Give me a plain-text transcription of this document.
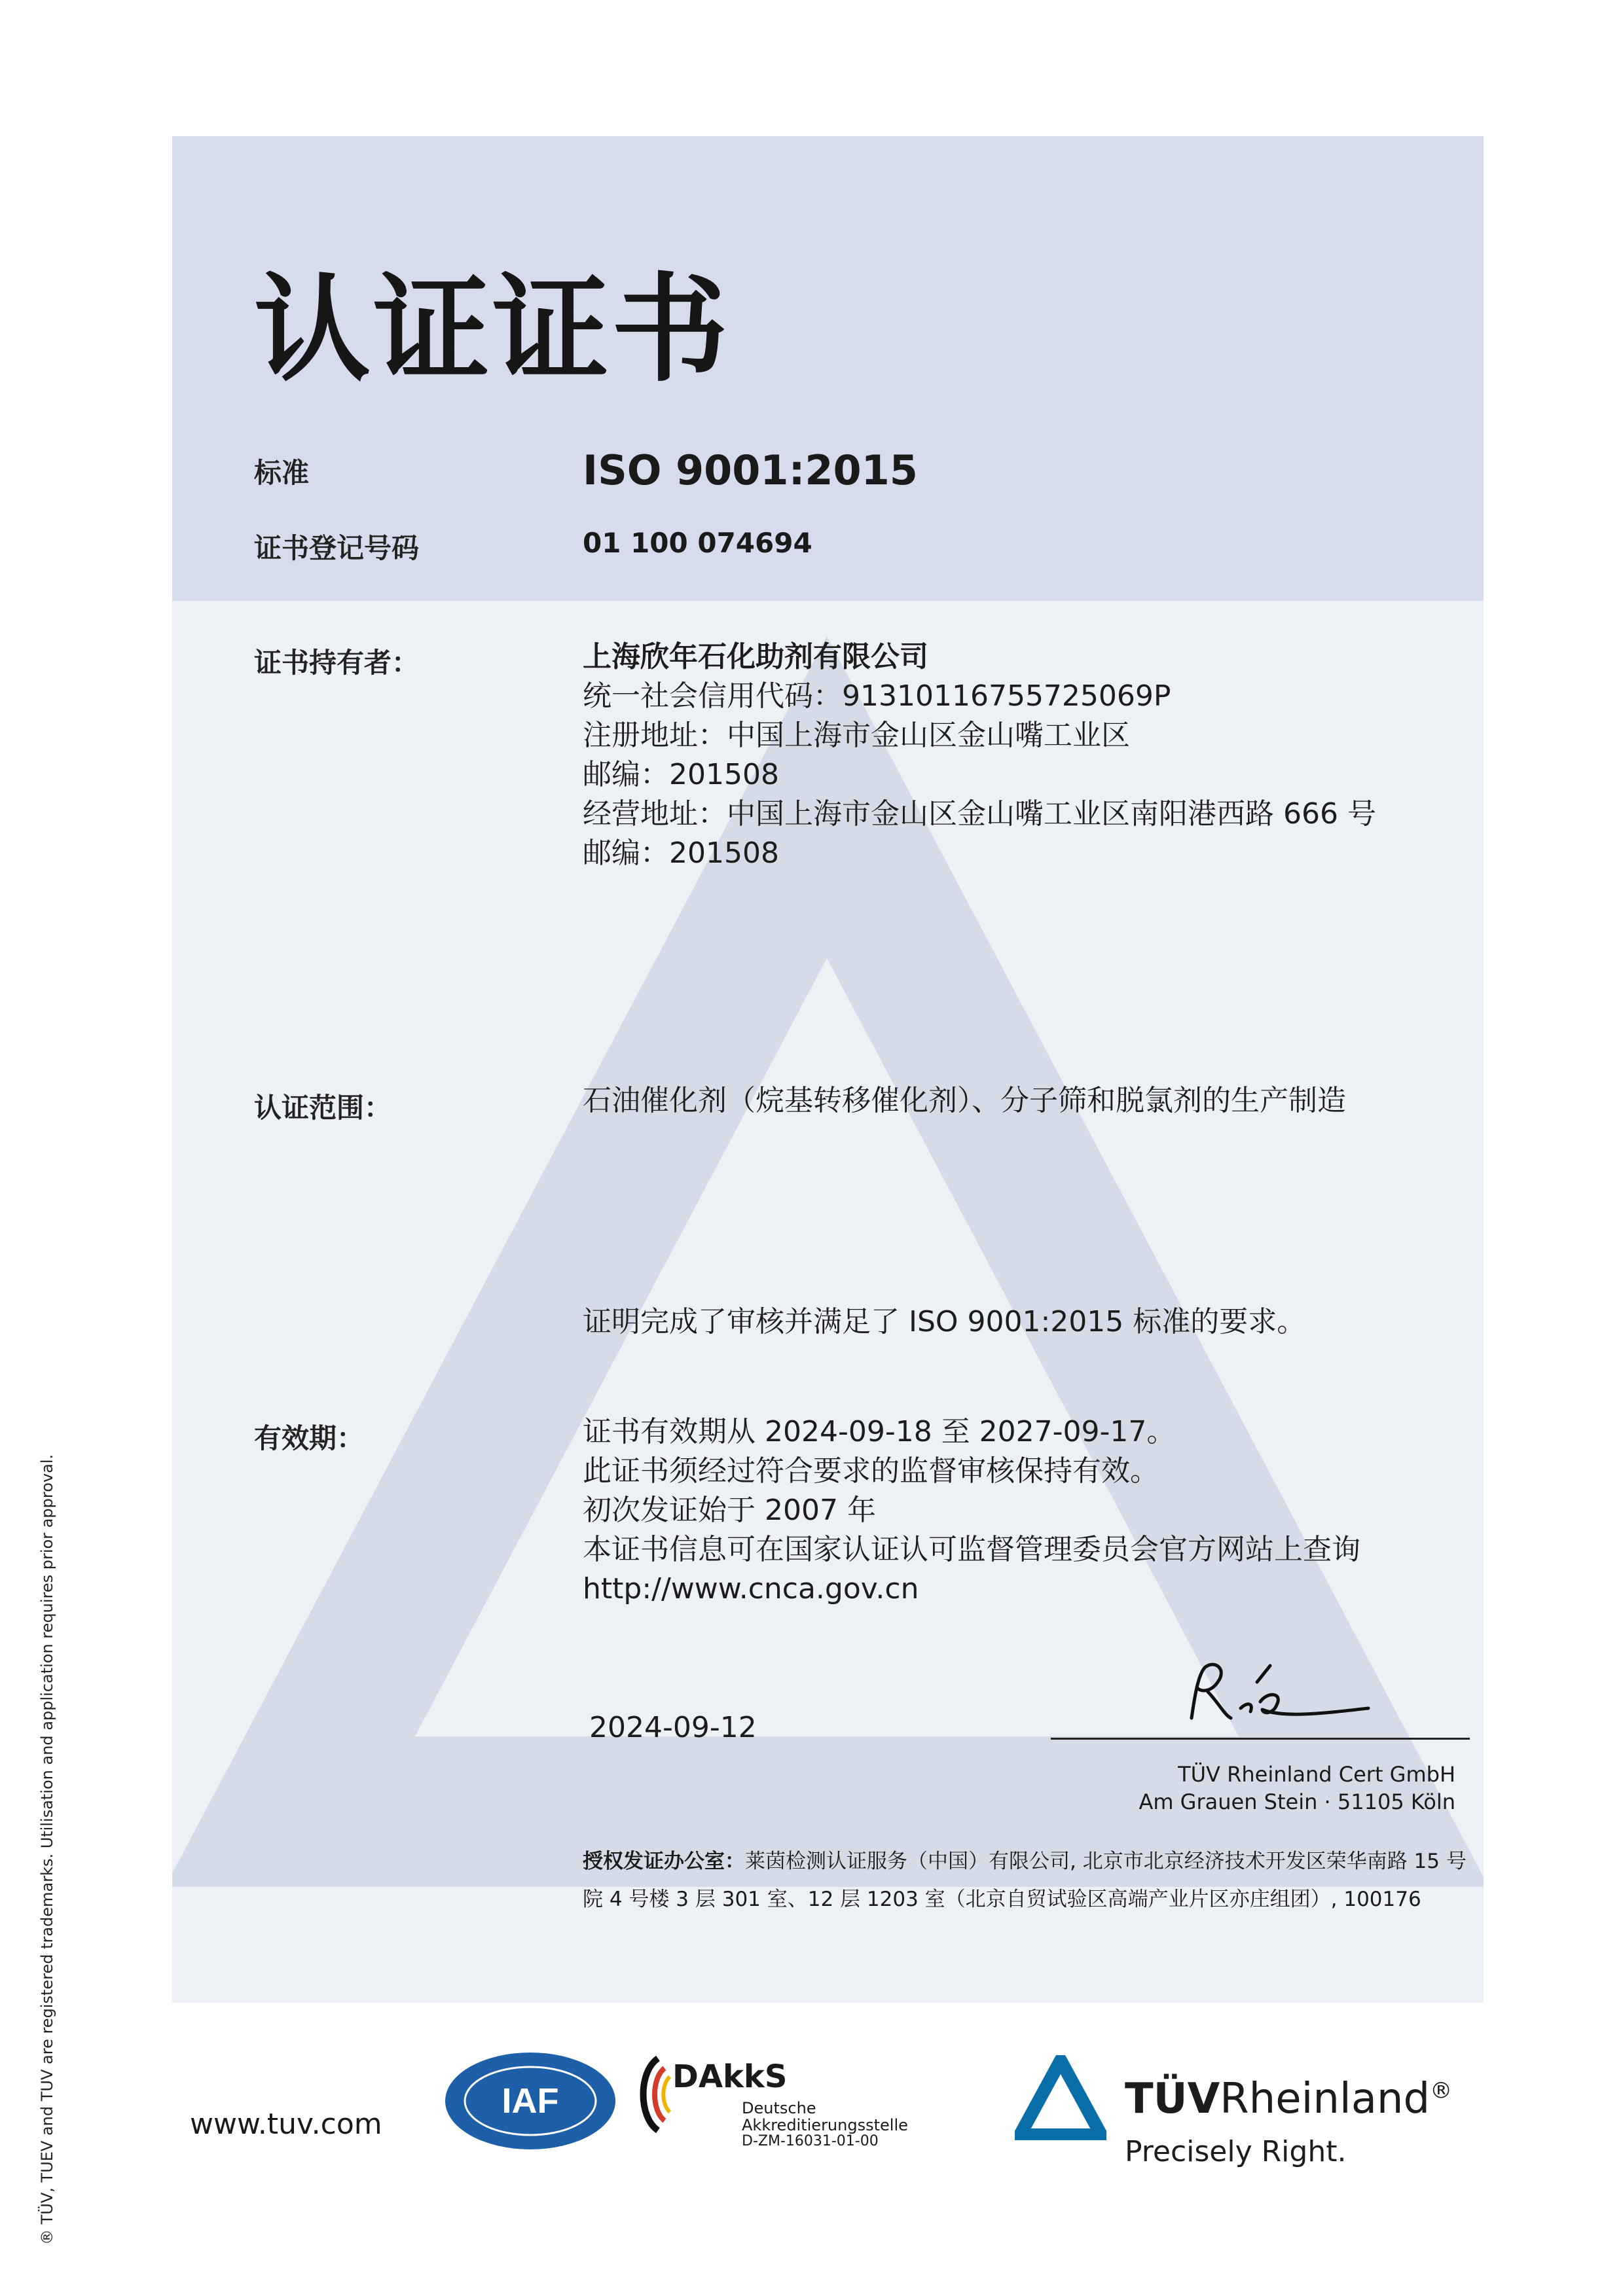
认证证书
标准	ISO 9001:2015
证书登记号码	01 100 074694
证书持有者：	上海欣年石化助剂有限公司
统一社会信用代码：91310116755725069P
注册地址：中国上海市金山区金山嘴工业区
邮编：201508
经营地址：中国上海市金山区金山嘴工业区南阳港西路 666 号
邮编：201508
认证范围：	石油催化剂（烷基转移催化剂）、分子筛和脱氯剂的生产制造
证明完成了审核并满足了 ISO 9001:2015 标准的要求。
有效期：	证书有效期从 2024-09-18 至 2027-09-17。
此证书须经过符合要求的监督审核保持有效。
初次发证始于 2007 年
本证书信息可在国家认证认可监督管理委员会官方网站上查询
http://www.cnca.gov.cn
2024-09-12
TÜV Rheinland Cert GmbH
Am Grauen Stein · 51105 Köln
授权发证办公室：莱茵检测认证服务（中国）有限公司, 北京市北京经济技术开发区荣华南路 15 号院 4 号楼 3 层 301 室、12 层 1203 室（北京自贸试验区高端产业片区亦庄组团）, 100176
® TÜV, TUEV and TUV are registered trademarks. Utilisation and application requires prior approval.	www.tuv.com
IAF
DAkkS
Deutsche
Akkreditierungsstelle
D-ZM-16031-01-00
TÜVRheinland®
Precisely Right.
